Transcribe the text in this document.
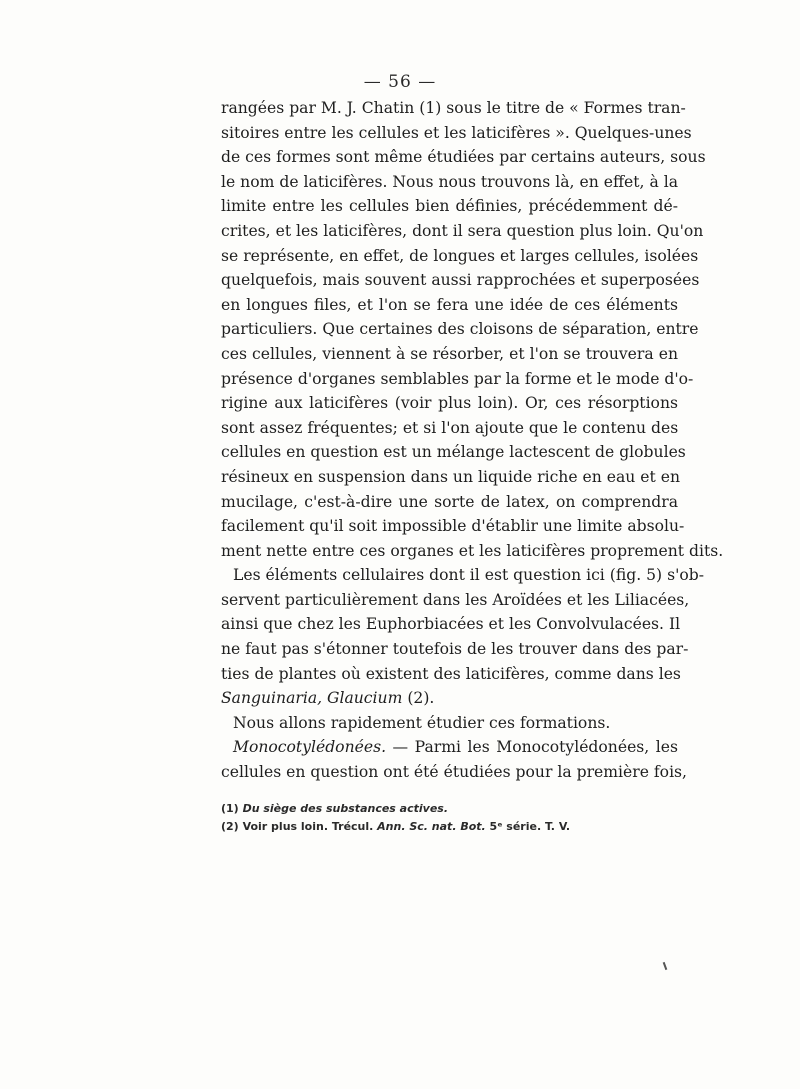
— 56 —
rangées par M. J. Chatin (1) sous le titre de « Formes tran-
sitoires entre les cellules et les laticifères ». Quelques-unes
de ces formes sont même étudiées par certains auteurs, sous
le nom de laticifères. Nous nous trouvons là, en effet, à la
limite entre les cellules bien définies, précédemment dé-
crites, et les laticifères, dont il sera question plus loin. Qu'on
se représente, en effet, de longues et larges cellules, isolées
quelquefois, mais souvent aussi rapprochées et superposées
en longues files, et l'on se fera une idée de ces éléments
particuliers. Que certaines des cloisons de séparation, entre
ces cellules, viennent à se résorber, et l'on se trouvera en
présence d'organes semblables par la forme et le mode d'o-
rigine aux laticifères (voir plus loin). Or, ces résorptions
sont assez fréquentes; et si l'on ajoute que le contenu des
cellules en question est un mélange lactescent de globules
résineux en suspension dans un liquide riche en eau et en
mucilage, c'est-à-dire une sorte de latex, on comprendra
facilement qu'il soit impossible d'établir une limite absolu-
ment nette entre ces organes et les laticifères proprement dits.
Les éléments cellulaires dont il est question ici (fig. 5) s'ob-
servent particulièrement dans les Aroïdées et les Liliacées,
ainsi que chez les Euphorbiacées et les Convolvulacées. Il
ne faut pas s'étonner toutefois de les trouver dans des par-
ties de plantes où existent des laticifères, comme dans les
Sanguinaria, Glaucium (2).
Nous allons rapidement étudier ces formations.
Monocotylédonées. — Parmi les Monocotylédonées, les
cellules en question ont été étudiées pour la première fois,
(1) Du siège des substances actives.
(2) Voir plus loin. Trécul. Ann. Sc. nat. Bot. 5ᵉ série. T. V.
